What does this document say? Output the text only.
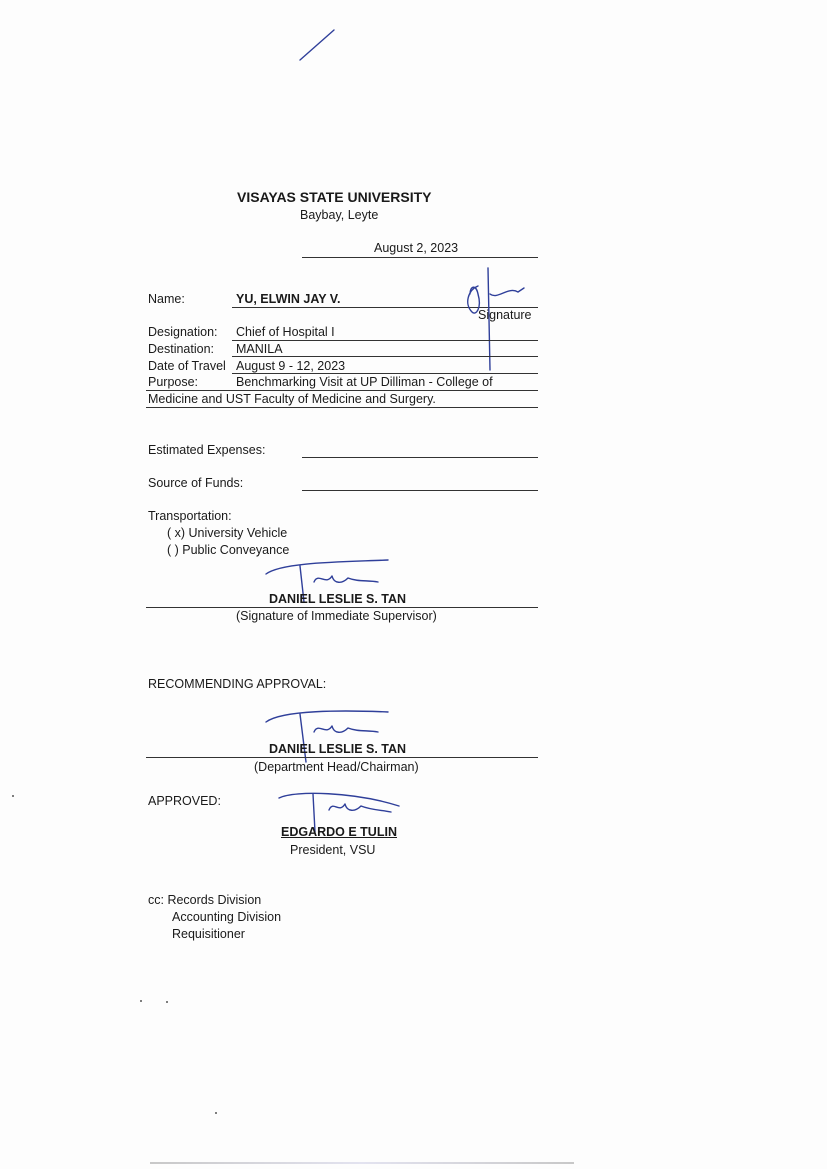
VISAYAS STATE UNIVERSITY
Baybay, Leyte
August 2, 2023
Name:	YU, ELWIN JAY V.
Signature
Designation: Chief of Hospital I
Destination: MANILA
Date of Travel August 9 - 12, 2023
Purpose:	Benchmarking Visit at UP Dilliman - College of
Medicine and UST Faculty of Medicine and Surgery.
Estimated Expenses:
Source of Funds:
Transportation:
( x) University Vehicle
( ) Public Conveyance
DANIEL LESLIE S. TAN
(Signature of Immediate Supervisor)
RECOMMENDING APPROVAL:
DANIEL LESLIE S. TAN
(Department Head/Chairman)
APPROVED:
EDGARDO E TULIN
President, VSU
cc: Records Division
Accounting Division
Requisitioner
